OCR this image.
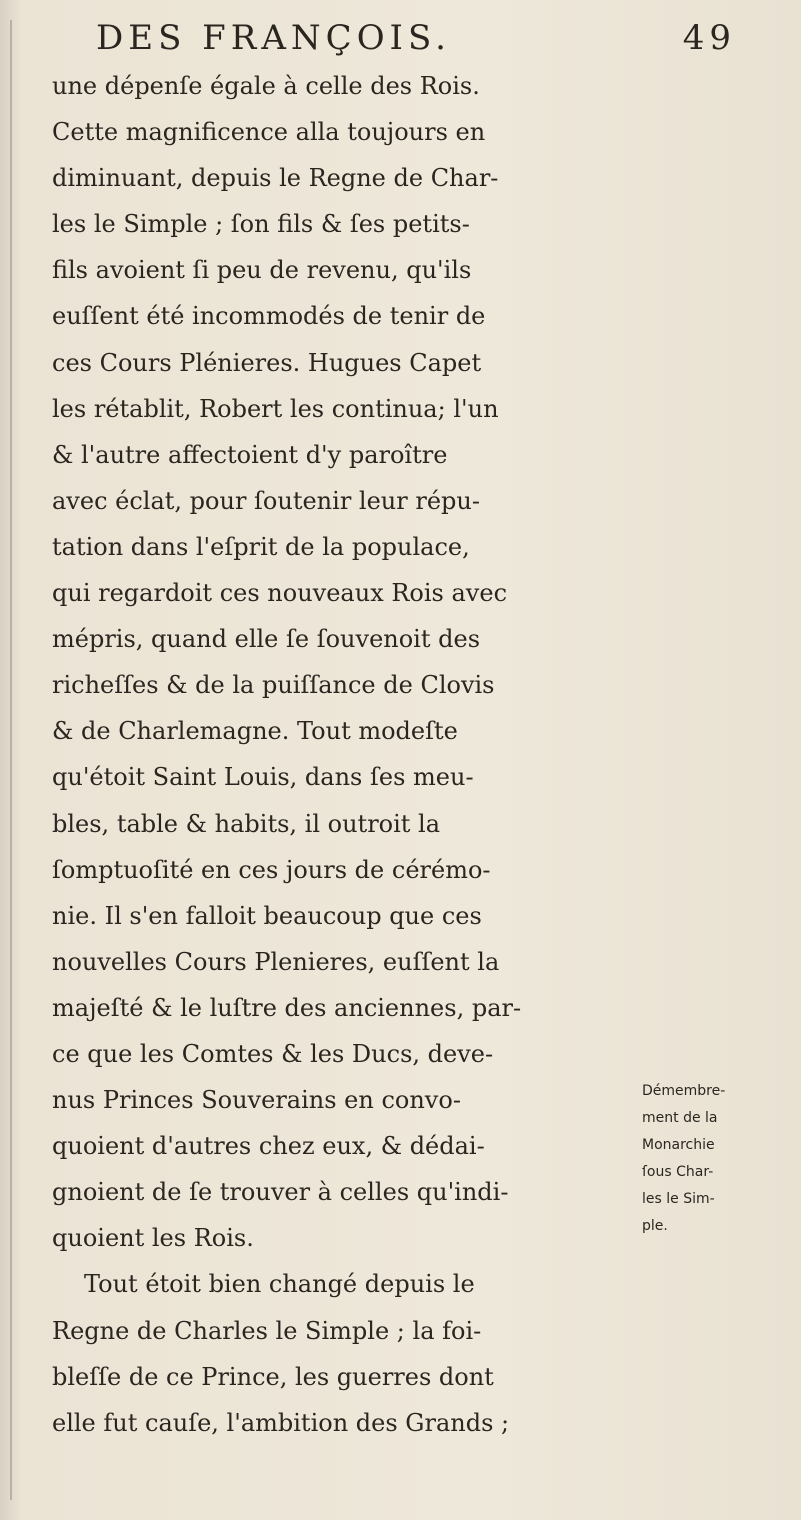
DES FRANÇOIS.	49
une dépenſe égale à celle des Rois.
Cette magnificence alla toujours en
diminuant, depuis le Regne de Char-
les le Simple ; ſon fils & ſes petits-
fils avoient ſi peu de revenu, qu'ils
euſſent été incommodés de tenir de
ces Cours Plénieres. Hugues Capet
les rétablit, Robert les continua; l'un
& l'autre affectoient d'y paroître
avec éclat, pour ſoutenir leur répu-
tation dans l'eſprit de la populace,
qui regardoit ces nouveaux Rois avec
mépris, quand elle ſe ſouvenoit des
richeſſes & de la puiſſance de Clovis
& de Charlemagne. Tout modeſte
qu'étoit Saint Louis, dans ſes meu-
bles, table & habits, il outroit la
ſomptuoſité en ces jours de cérémo-
nie. Il s'en falloit beaucoup que ces
nouvelles Cours Plenieres, euſſent la
majeſté & le luſtre des anciennes, par-
ce que les Comtes & les Ducs, deve-
nus Princes Souverains en convo-
quoient d'autres chez eux, & dédai-
gnoient de ſe trouver à celles qu'indi-
quoient les Rois.
Tout étoit bien changé depuis le
Regne de Charles le Simple ; la foi-
bleſſe de ce Prince, les guerres dont
elle fut cauſe, l'ambition des Grands ;
Démembre-
ment de la
Monarchie
ſous Char-
les le Sim-
ple.
